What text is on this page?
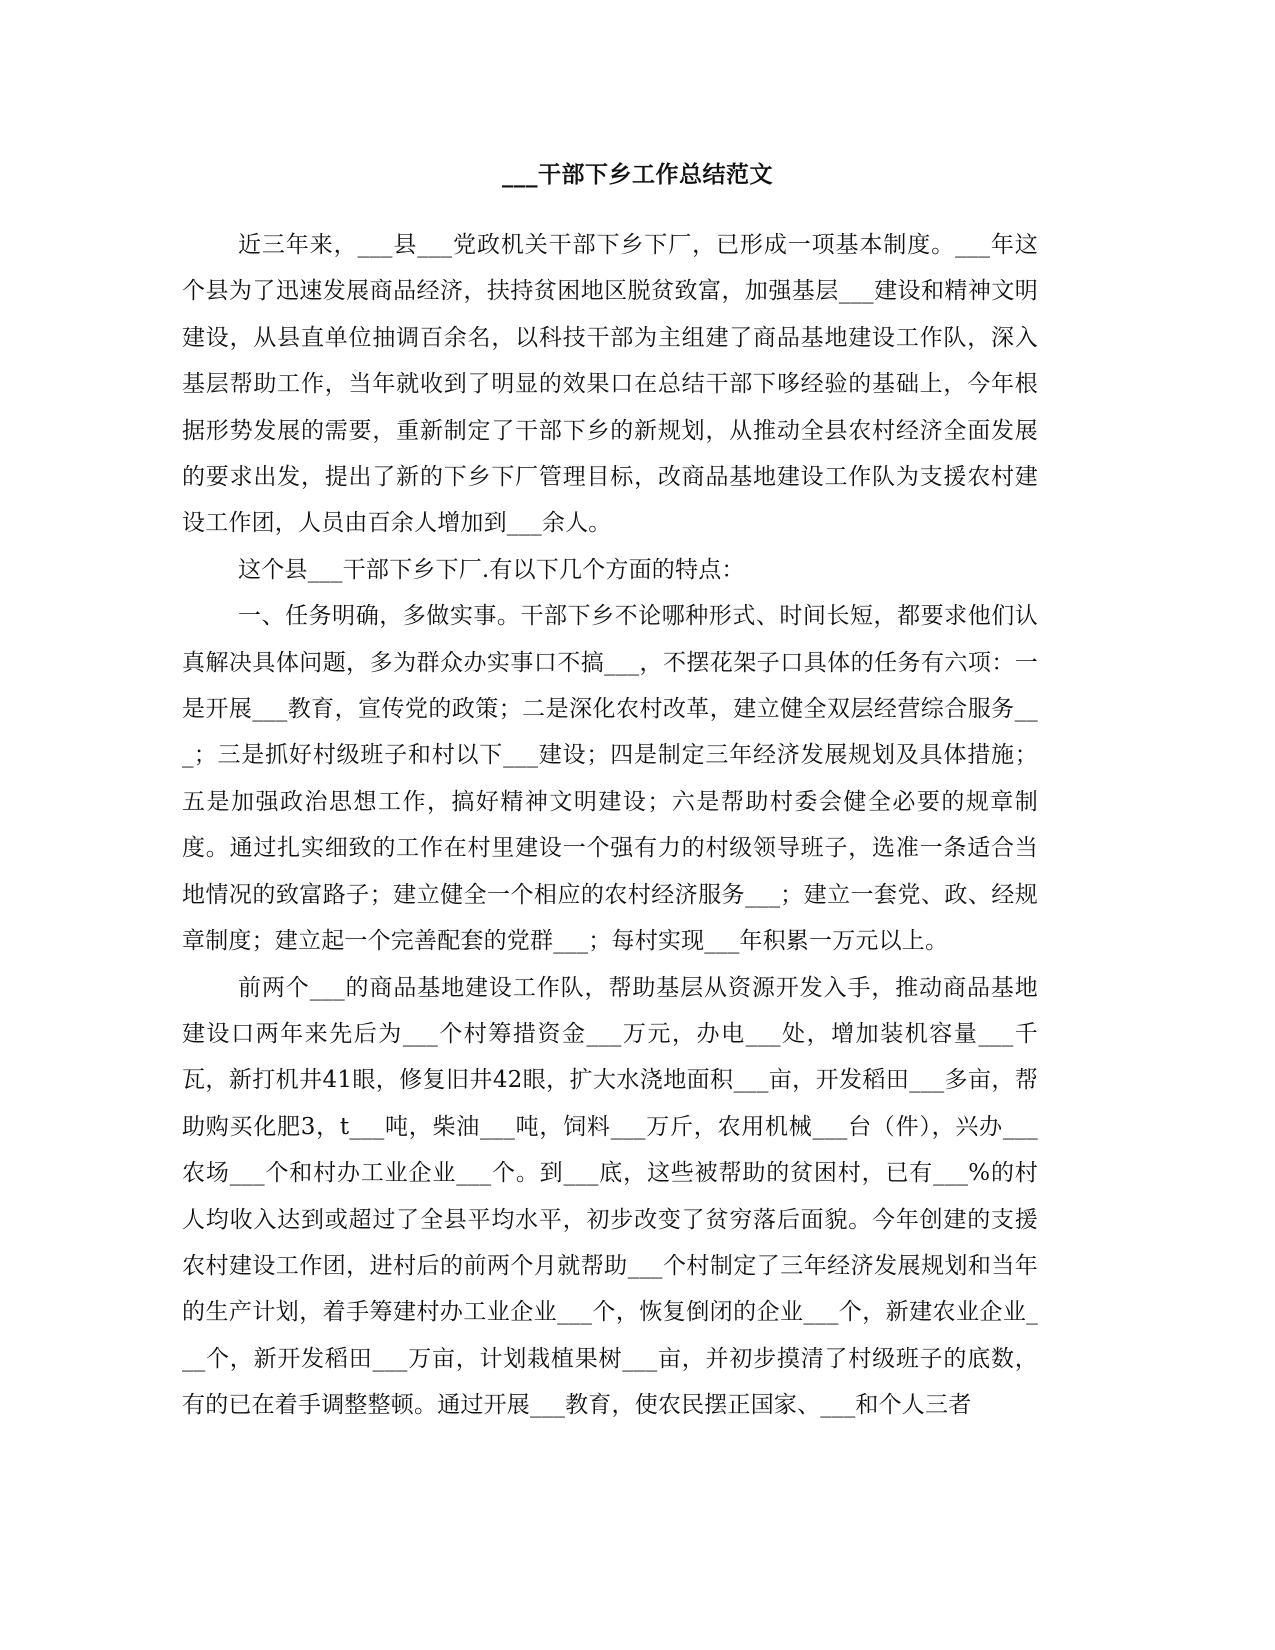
___干部下乡工作总结范文

近三年来，___县___党政机关干部下乡下厂，已形成一项基本制度。___年这个县为了迅速发展商品经济，扶持贫困地区脱贫致富，加强基层___建设和精神文明建设，从县直单位抽调百余名，以科技干部为主组建了商品基地建设工作队，深入基层帮助工作，当年就收到了明显的效果口在总结干部下哆经验的基础上，今年根据形势发展的需要，重新制定了干部下乡的新规划，从推动全县农村经济全面发展的要求出发，提出了新的下乡下厂管理目标，改商品基地建设工作队为支援农村建设工作团，人员由百余人增加到___余人。

这个县___干部下乡下厂.有以下几个方面的特点：

一、任务明确，多做实事。干部下乡不论哪种形式、时间长短，都要求他们认真解决具体问题，多为群众办实事口不搞___，不摆花架子口具体的任务有六项：一是开展___教育，宣传党的政策；二是深化农村改革，建立健全双层经营综合服务___；三是抓好村级班子和村以下___建设；四是制定三年经济发展规划及具体措施；五是加强政治思想工作，搞好精神文明建设；六是帮助村委会健全必要的规章制度。通过扎实细致的工作在村里建设一个强有力的村级领导班子，选准一条适合当地情况的致富路子；建立健全一个相应的农村经济服务___；建立一套党、政、经规章制度；建立起一个完善配套的党群___；每村实现___年积累一万元以上。

前两个___的商品基地建设工作队，帮助基层从资源开发入手，推动商品基地建设口两年来先后为___个村筹措资金___万元，办电___处，增加装机容量___千瓦，新打机井41眼，修复旧井42眼，扩大水浇地面积___亩，开发稻田___多亩，帮助购买化肥3，t___吨，柴油___吨，饲料___万斤，农用机械___台（件），兴办___农场___个和村办工业企业___个。到___底，这些被帮助的贫困村，已有___%的村人均收入达到或超过了全县平均水平，初步改变了贫穷落后面貌。今年创建的支援农村建设工作团，进村后的前两个月就帮助___个村制定了三年经济发展规划和当年的生产计划，着手筹建村办工业企业___个，恢复倒闭的企业___个，新建农业企业___个，新开发稻田___万亩，计划栽植果树___亩，并初步摸清了村级班子的底数，有的已在着手调整整顿。通过开展___教育，使农民摆正国家、___和个人三者
